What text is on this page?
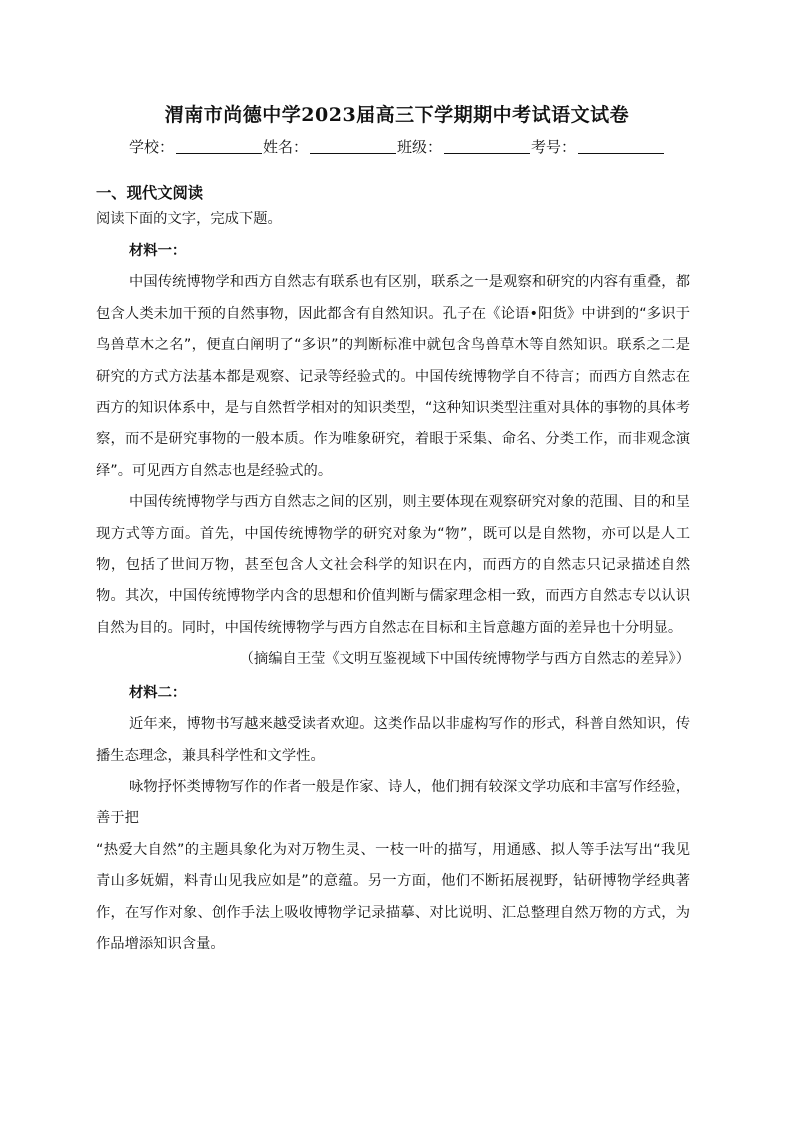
渭南市尚德中学2023届高三下学期期中考试语文试卷
学校：	姓名：	班级：	考号：
一、现代文阅读
阅读下面的文字，完成下题。
材料一：

中国传统博物学和西方自然志有联系也有区别，联系之一是观察和研究的内容有重叠，都包含人类未加干预的自然事物，因此都含有自然知识。孔子在《论语•阳货》中讲到的“多识于鸟兽草木之名”，便直白阐明了“多识”的判断标准中就包含鸟兽草木等自然知识。联系之二是研究的方式方法基本都是观察、记录等经验式的。中国传统博物学自不待言；而西方自然志在西方的知识体系中，是与自然哲学相对的知识类型，“这种知识类型注重对具体的事物的具体考察，而不是研究事物的一般本质。作为唯象研究，着眼于采集、命名、分类工作，而非观念演绎”。可见西方自然志也是经验式的。

中国传统博物学与西方自然志之间的区别，则主要体现在观察研究对象的范围、目的和呈现方式等方面。首先，中国传统博物学的研究对象为“物”，既可以是自然物，亦可以是人工物，包括了世间万物，甚至包含人文社会科学的知识在内，而西方的自然志只记录描述自然物。其次，中国传统博物学内含的思想和价值判断与儒家理念相一致，而西方自然志专以认识自然为目的。同时，中国传统博物学与西方自然志在目标和主旨意趣方面的差异也十分明显。

（摘编自王莹《文明互鉴视域下中国传统博物学与西方自然志的差异》）

材料二：

近年来，博物书写越来越受读者欢迎。这类作品以非虚构写作的形式，科普自然知识，传播生态理念，兼具科学性和文学性。

咏物抒怀类博物写作的作者一般是作家、诗人，他们拥有较深文学功底和丰富写作经验，善于把

“热爱大自然”的主题具象化为对万物生灵、一枝一叶的描写，用通感、拟人等手法写出“我见青山多妩媚，料青山见我应如是”的意蕴。另一方面，他们不断拓展视野，钻研博物学经典著作，在写作对象、创作手法上吸收博物学记录描摹、对比说明、汇总整理自然万物的方式，为作品增添知识含量。
